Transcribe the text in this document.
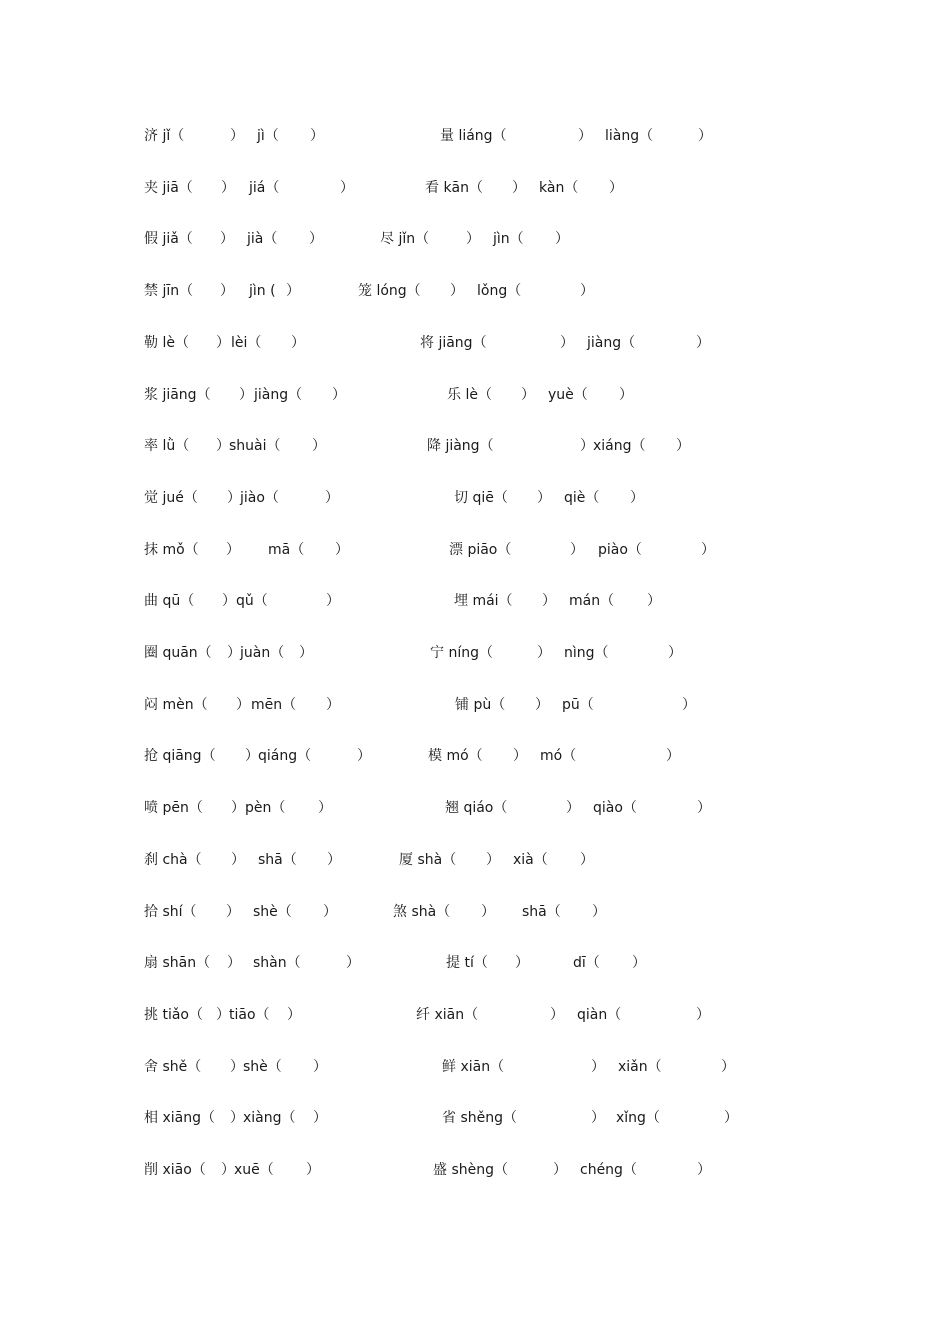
济 jǐ（	） jì（ ）	量 liáng（	） liàng（	）
夹 jiā（ ） jiá（	）	看 kān（ ） kàn（ ）
假 jiǎ（ ） jià（ ）	尽 jǐn（	） jìn（ ）
禁 jīn（ ） jìn ( ）	笼 lóng（ ） lǒng（	）
勒 lè（ ） lèi（ ）	将 jiāng（	） jiàng（	）
浆 jiāng（ ） jiàng（ ）	乐 lè（ ） yuè（ ）
率 lǜ（ ） shuài（ ）	降 jiàng（	） xiáng（ ）
觉 jué（ ） jiào（	）	切 qiē（ ） qiè（ ）
抹 mǒ（ ） mā（ ）	漂 piāo（	） piào（	）
曲 qū（ ） qǔ（	）	埋 mái（ ） mán（ ）
圈 quān（ ） juàn（ ）	宁 níng（	） nìng（	）
闷 mèn（ ） mēn（ ）	铺 pù（ ） pū（	）
抢 qiāng（ ） qiáng（	）	模 mó（ ） mó（	）
喷 pēn（ ） pèn（ ）	翘 qiáo（	） qiào（	）
刹 chà（ ） shā（ ）	厦 shà（ ） xià（ ）
拾 shí（ ） shè（ ）	煞 shà（ ） shā（ ）
扇 shān（ ） shàn（	）	提 tí（ ）	dī（ ）
挑 tiǎo（ ） tiāo（ ）	纤 xiān（	） qiàn（	）
舍 shě（ ） shè（ ）	鲜 xiān（	） xiǎn（	）
相 xiāng（ ） xiàng（ ）	省 shěng（	） xǐng（	）
削 xiāo（ ） xuē（ ）	盛 shèng（	） chéng（	）
